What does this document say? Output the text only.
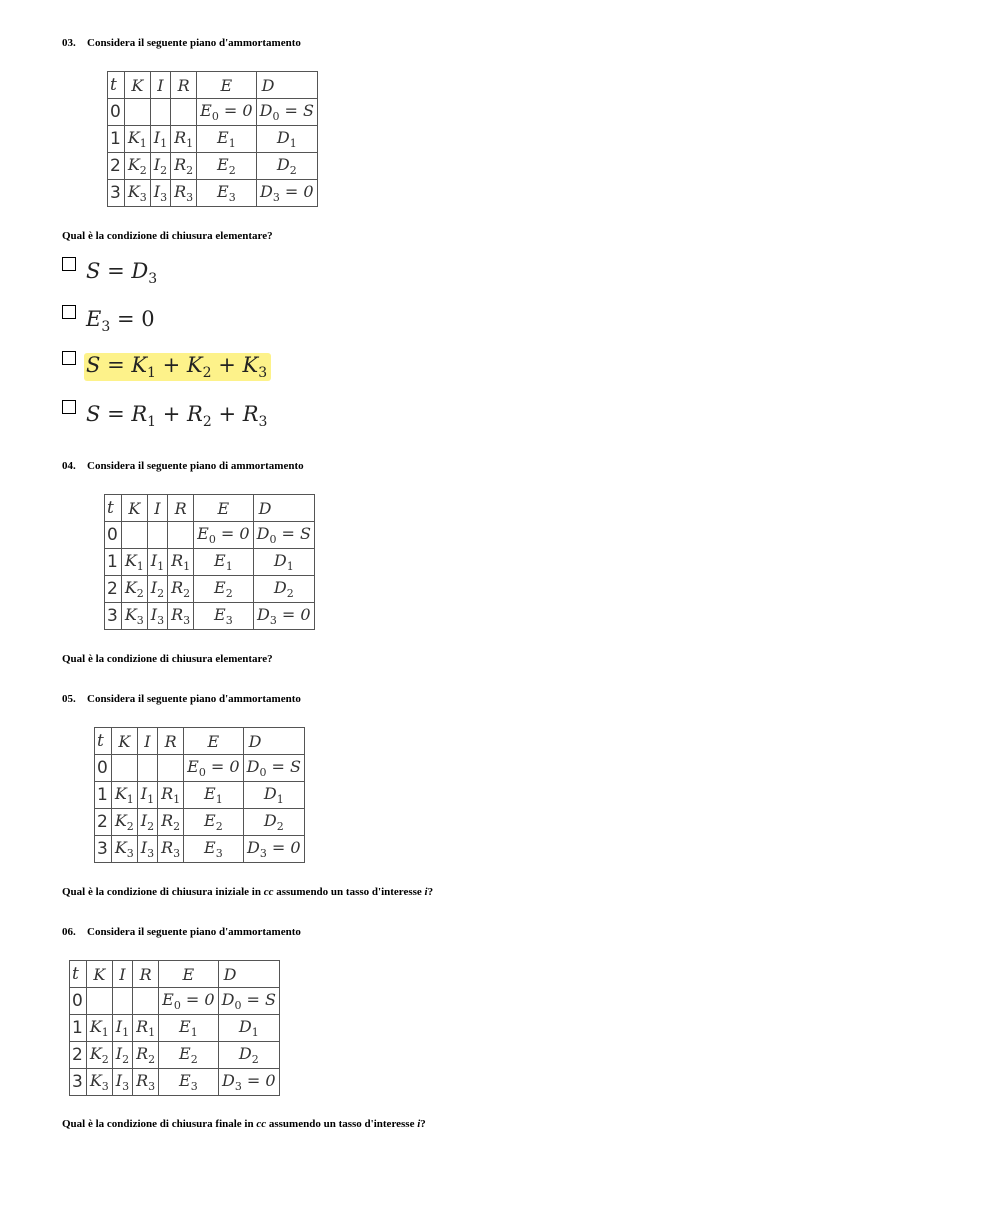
03. Considera il seguente piano d'ammortamento
t	K	I	R	E	D
0				$E_0 = 0$	$D_0 = S$
1	$K_1$	$I_1$	$R_1$	$E_1$	$D_1$
2	$K_2$	$I_2$	$R_2$	$E_2$	$D_2$
3	$K_3$	$I_3$	$R_3$	$E_3$	$D_3 = 0$
Qual è la condizione di chiusura elementare?
$S = D_3$
$E_3 = 0$
$S = K_1 + K_2 + K_3$
$S = R_1 + R_2 + R_3$
04. Considera il seguente piano di ammortamento
t	K	I	R	E	D
0				$E_0 = 0$	$D_0 = S$
1	$K_1$	$I_1$	$R_1$	$E_1$	$D_1$
2	$K_2$	$I_2$	$R_2$	$E_2$	$D_2$
3	$K_3$	$I_3$	$R_3$	$E_3$	$D_3 = 0$
Qual è la condizione di chiusura elementare?
05. Considera il seguente piano d'ammortamento
t	K	I	R	E	D
0				$E_0 = 0$	$D_0 = S$
1	$K_1$	$I_1$	$R_1$	$E_1$	$D_1$
2	$K_2$	$I_2$	$R_2$	$E_2$	$D_2$
3	$K_3$	$I_3$	$R_3$	$E_3$	$D_3 = 0$
Qual è la condizione di chiusura iniziale in cc assumendo un tasso d'interesse i?
06. Considera il seguente piano d'ammortamento
t	K	I	R	E	D
0				$E_0 = 0$	$D_0 = S$
1	$K_1$	$I_1$	$R_1$	$E_1$	$D_1$
2	$K_2$	$I_2$	$R_2$	$E_2$	$D_2$
3	$K_3$	$I_3$	$R_3$	$E_3$	$D_3 = 0$
Qual è la condizione di chiusura finale in cc assumendo un tasso d'interesse i?
